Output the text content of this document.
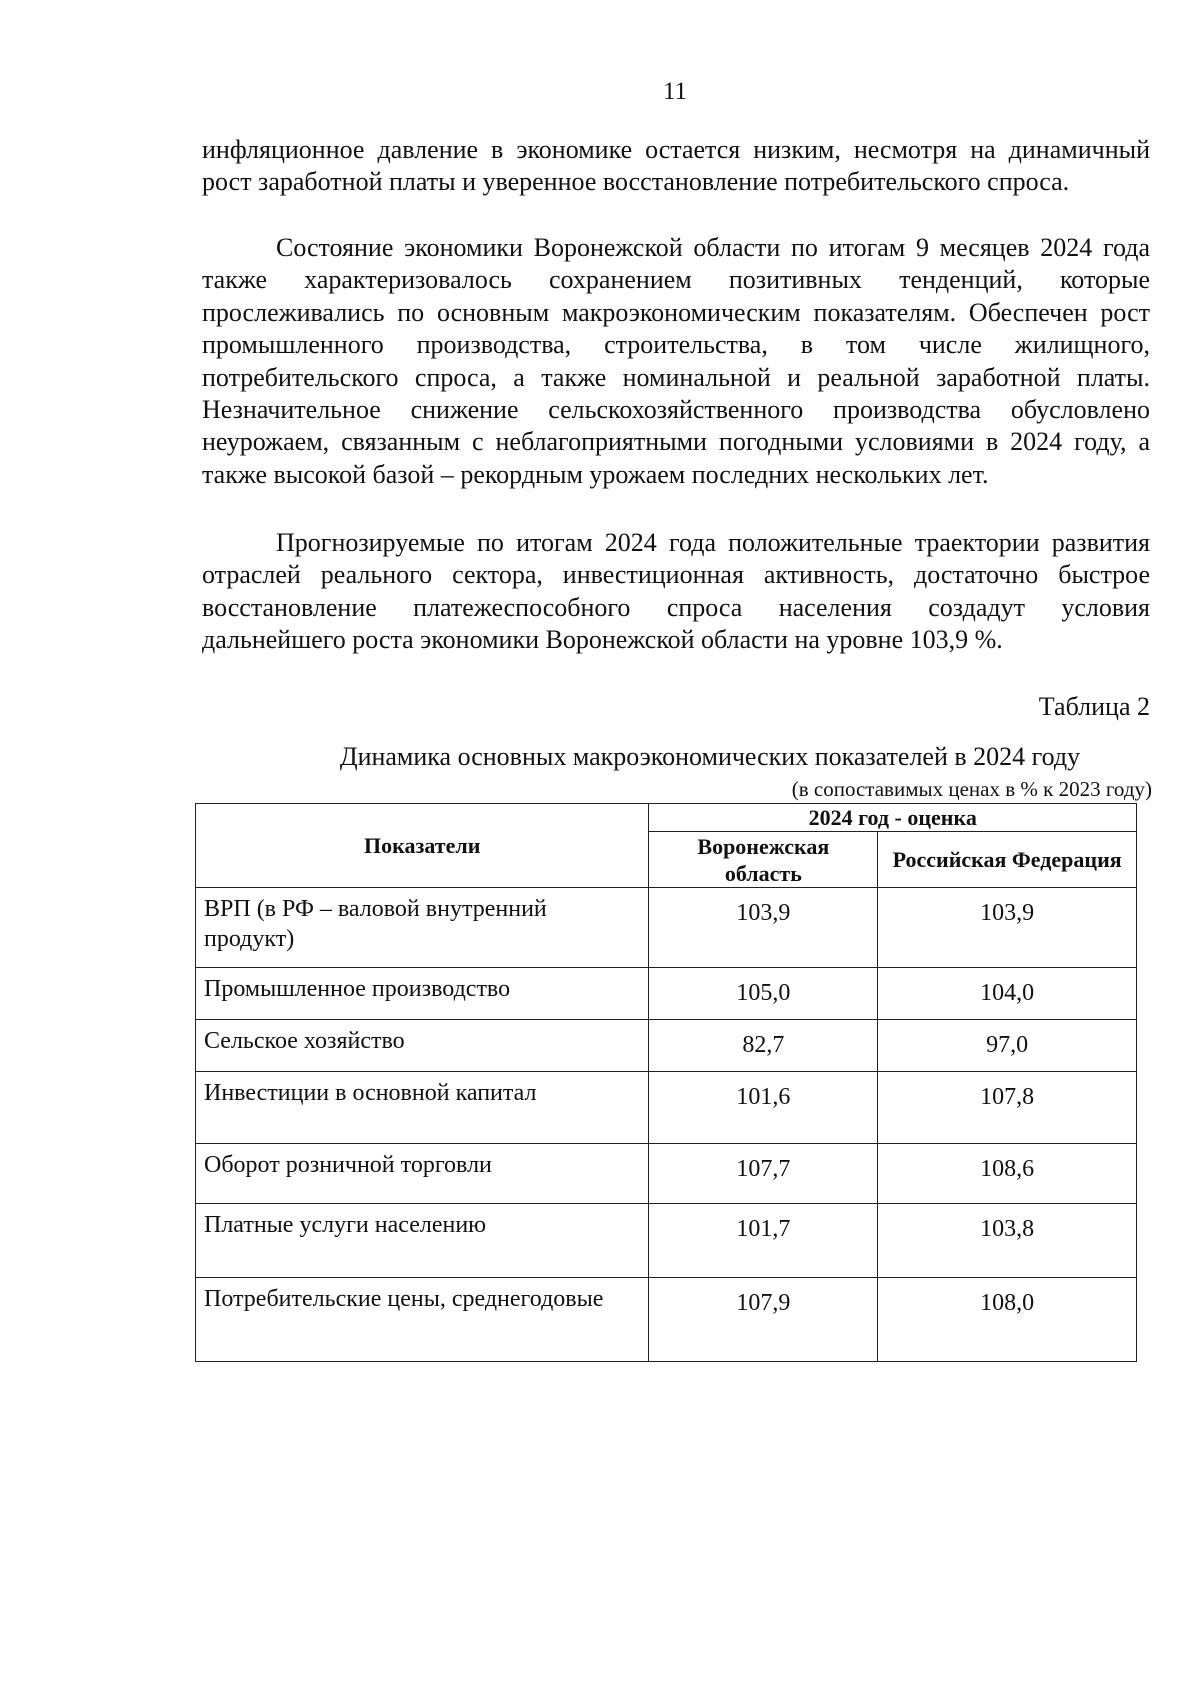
11

инфляционное давление в экономике остается низким, несмотря на динамичный рост заработной платы и уверенное восстановление потребительского спроса.

Состояние экономики Воронежской области по итогам 9 месяцев 2024 года также характеризовалось сохранением позитивных тенденций, которые прослеживались по основным макроэкономическим показателям. Обеспечен рост промышленного производства, строительства, в том числе жилищного, потребительского спроса, а также номинальной и реальной заработной платы. Незначительное снижение сельскохозяйственного производства обусловлено неурожаем, связанным с неблагоприятными погодными условиями в 2024 году, а также высокой базой – рекордным урожаем последних нескольких лет.

Прогнозируемые по итогам 2024 года положительные траектории развития отраслей реального сектора, инвестиционная активность, достаточно быстрое восстановление платежеспособного спроса населения создадут условия дальнейшего роста экономики Воронежской области на уровне 103,9 %.

Таблица 2
Динамика основных макроэкономических показателей в 2024 году
(в сопоставимых ценах в % к 2023 году)
Показатели	2024 год - оценка	
	Воронежская область	Российская Федерация
ВРП (в РФ – валовой внутренний продукт)	103,9	103,9
Промышленное производство	105,0	104,0
Сельское хозяйство	82,7	97,0
Инвестиции в основной капитал	101,6	107,8
Оборот розничной торговли	107,7	108,6
Платные услуги населению	101,7	103,8
Потребительские цены, среднегодовые	107,9	108,0
